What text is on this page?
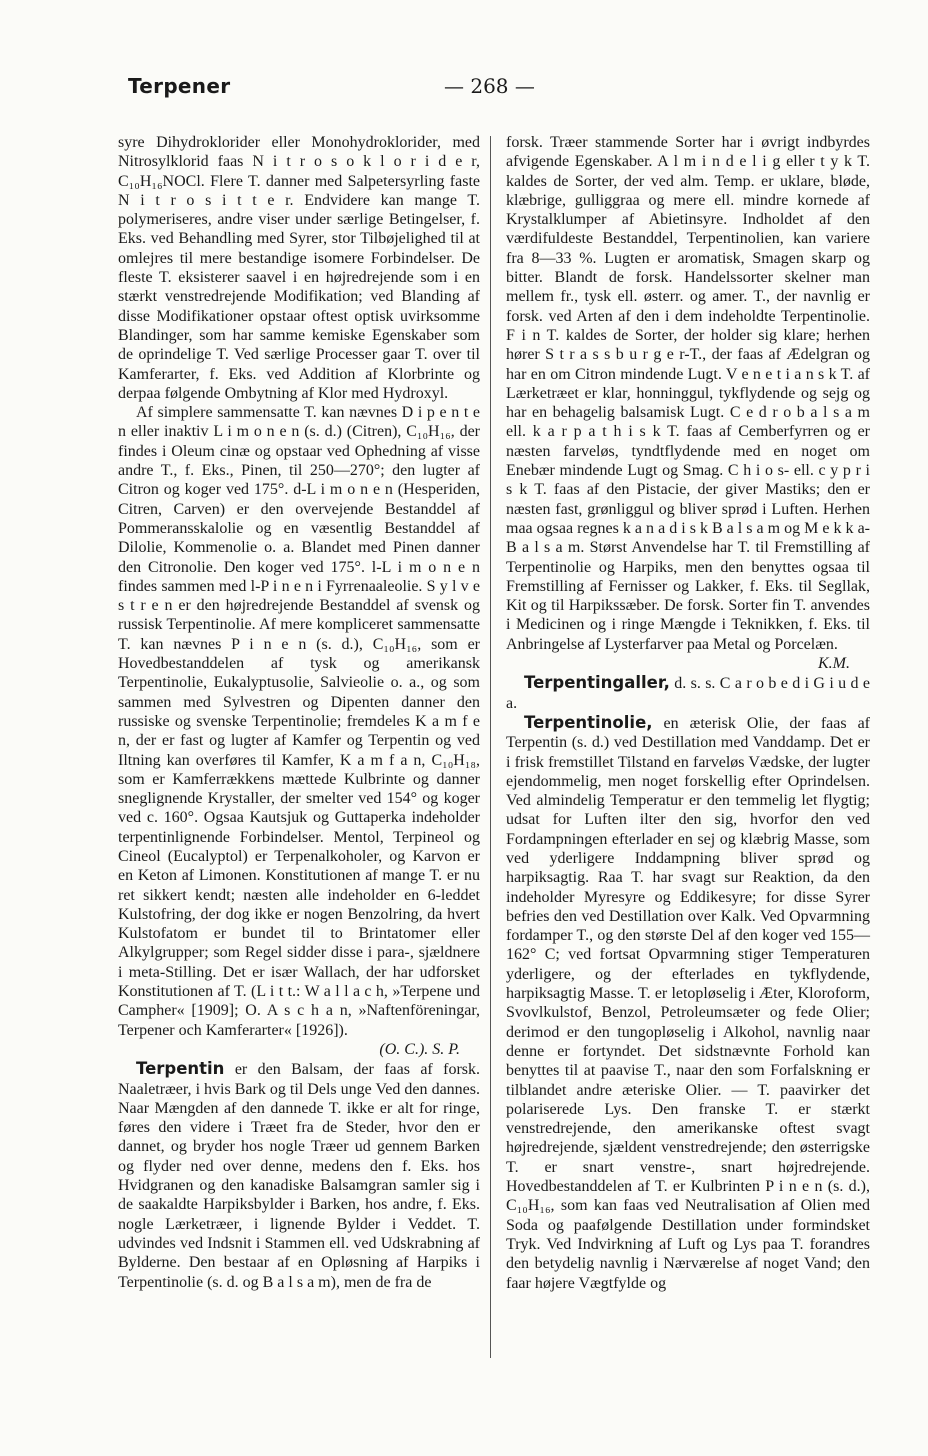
Terpener	— 268 —

syre Dihydroklorider eller Monohydroklorider, med Nitrosylklorid faas N i t r o s o k l o r i d e r, C₁₀H₁₆NOCl. Flere T. danner med Salpetersyrling faste N i t r o s i t t e r. Endvidere kan mange T. polymeriseres, andre viser under særlige Betingelser, f. Eks. ved Behandling med Syrer, stor Tilbøjelighed til at omlejres til mere bestandige isomere Forbindelser. De fleste T. eksisterer saavel i en højredrejende som i en stærkt venstredrejende Modifikation; ved Blanding af disse Modifikationer opstaar oftest optisk uvirksomme Blandinger, som har samme kemiske Egenskaber som de oprindelige T. Ved særlige Processer gaar T. over til Kamferarter, f. Eks. ved Addition af Klorbrinte og derpaa følgende Ombytning af Klor med Hydroxyl.

Af simplere sammensatte T. kan nævnes D i p e n t e n eller inaktiv L i m o n e n (s. d.) (Citren), C₁₀H₁₆, der findes i Oleum cinæ og opstaar ved Ophedning af visse andre T., f. Eks., Pinen, til 250—270°; den lugter af Citron og koger ved 175°. d-L i m o n e n (Hesperiden, Citren, Carven) er den overvejende Bestanddel af Pommeransskalolie og en væsentlig Bestanddel af Dilolie, Kommenolie o. a. Blandet med Pinen danner den Citronolie. Den koger ved 175°. l-L i m o n e n findes sammen med l-P i n e n i Fyrrenaaleolie. S y l v e s t r e n er den højredrejende Bestanddel af svensk og russisk Terpentinolie. Af mere kompliceret sammensatte T. kan nævnes P i n e n (s. d.), C₁₀H₁₆, som er Hovedbestanddelen af tysk og amerikansk Terpentinolie, Eukalyptusolie, Salvieolie o. a., og som sammen med Sylvestren og Dipenten danner den russiske og svenske Terpentinolie; fremdeles K a m f e n, der er fast og lugter af Kamfer og Terpentin og ved Iltning kan overføres til Kamfer, K a m f a n, C₁₀H₁₈, som er Kamferrækkens mættede Kulbrinte og danner sneglignende Krystaller, der smelter ved 154° og koger ved c. 160°. Ogsaa Kautsjuk og Guttaperka indeholder terpentinlignende Forbindelser. Mentol, Terpineol og Cineol (Eucalyptol) er Terpenalkoholer, og Karvon er en Keton af Limonen. Konstitutionen af mange T. er nu ret sikkert kendt; næsten alle indeholder en 6-leddet Kulstofring, der dog ikke er nogen Benzolring, da hvert Kulstofatom er bundet til to Brintatomer eller Alkylgrupper; som Regel sidder disse i para-, sjældnere i meta-Stilling. Det er især Wallach, der har udforsket Konstitutionen af T. (L i t t.: W a l l a c h, »Terpene und Campher« [1909]; O. A s c h a n, »Naftenföreningar, Terpener och Kamferarter« [1926]).

(O. C.). S. P.

Terpentin er den Balsam, der faas af forsk. Naaletræer, i hvis Bark og til Dels unge Ved den dannes. Naar Mængden af den dannede T. ikke er alt for ringe, føres den videre i Træet fra de Steder, hvor den er dannet, og bryder hos nogle Træer ud gennem Barken og flyder ned over denne, medens den f. Eks. hos Hvidgranen og den kanadiske Balsamgran samler sig i de saakaldte Harpiksbylder i Barken, hos andre, f. Eks. nogle Lærketræer, i lignende Bylder i Veddet. T. udvindes ved Indsnit i Stammen ell. ved Udskrabning af Bylderne. Den bestaar af en Opløsning af Harpiks i Terpentinolie (s. d. og B a l s a m), men de fra de

forsk. Træer stammende Sorter har i øvrigt indbyrdes afvigende Egenskaber. A l m i n d e l i g eller t y k T. kaldes de Sorter, der ved alm. Temp. er uklare, bløde, klæbrige, gulliggraa og mere ell. mindre kornede af Krystalklumper af Abietinsyre. Indholdet af den værdifuldeste Bestanddel, Terpentinolien, kan variere fra 8—33 %. Lugten er aromatisk, Smagen skarp og bitter. Blandt de forsk. Handelssorter skelner man mellem fr., tysk ell. østerr. og amer. T., der navnlig er forsk. ved Arten af den i dem indeholdte Terpentinolie. F i n T. kaldes de Sorter, der holder sig klare; herhen hører S t r a s s b u r g e r-T., der faas af Ædelgran og har en om Citron mindende Lugt. V e n e t i a n s k T. af Lærketræet er klar, honninggul, tykflydende og sejg og har en behagelig balsamisk Lugt. C e d r o b a l s a m ell. k a r p a t h i s k T. faas af Cemberfyrren og er næsten farveløs, tyndtflydende med en noget om Enebær mindende Lugt og Smag. C h i o s- ell. c y p r i s k T. faas af den Pistacie, der giver Mastiks; den er næsten fast, grønliggul og bliver sprød i Luften. Herhen maa ogsaa regnes k a n a d i s k B a l s a m og M e k k a-B a l s a m. Størst Anvendelse har T. til Fremstilling af Terpentinolie og Harpiks, men den benyttes ogsaa til Fremstilling af Fernisser og Lakker, f. Eks. til Segllak, Kit og til Harpikssæber. De forsk. Sorter fin T. anvendes i Medicinen og i ringe Mængde i Teknikken, f. Eks. til Anbringelse af Lysterfarver paa Metal og Porcelæn.

K.M.

Terpentingaller, d. s. s. C a r o b e d i G i u d e a.

Terpentinolie, en æterisk Olie, der faas af Terpentin (s. d.) ved Destillation med Vanddamp. Det er i frisk fremstillet Tilstand en farveløs Vædske, der lugter ejendommelig, men noget forskellig efter Oprindelsen. Ved almindelig Temperatur er den temmelig let flygtig; udsat for Luften ilter den sig, hvorfor den ved Fordampningen efterlader en sej og klæbrig Masse, som ved yderligere Inddampning bliver sprød og harpiksagtig. Raa T. har svagt sur Reaktion, da den indeholder Myresyre og Eddikesyre; for disse Syrer befries den ved Destillation over Kalk. Ved Opvarmning fordamper T., og den største Del af den koger ved 155—162° C; ved fortsat Opvarmning stiger Temperaturen yderligere, og der efterlades en tykflydende, harpiksagtig Masse. T. er letopløselig i Æter, Kloroform, Svovlkulstof, Benzol, Petroleumsæter og fede Olier; derimod er den tungopløselig i Alkohol, navnlig naar denne er fortyndet. Det sidstnævnte Forhold kan benyttes til at paavise T., naar den som Forfalskning er tilblandet andre æteriske Olier. — T. paavirker det polariserede Lys. Den franske T. er stærkt venstredrejende, den amerikanske oftest svagt højredrejende, sjældent venstredrejende; den østerrigske T. er snart venstre-, snart højredrejende. Hovedbestanddelen af T. er Kulbrinten P i n e n (s. d.), C₁₀H₁₆, som kan faas ved Neutralisation af Olien med Soda og paafølgende Destillation under formindsket Tryk. Ved Indvirkning af Luft og Lys paa T. forandres den betydelig navnlig i Nærværelse af noget Vand; den faar højere Vægtfylde og
